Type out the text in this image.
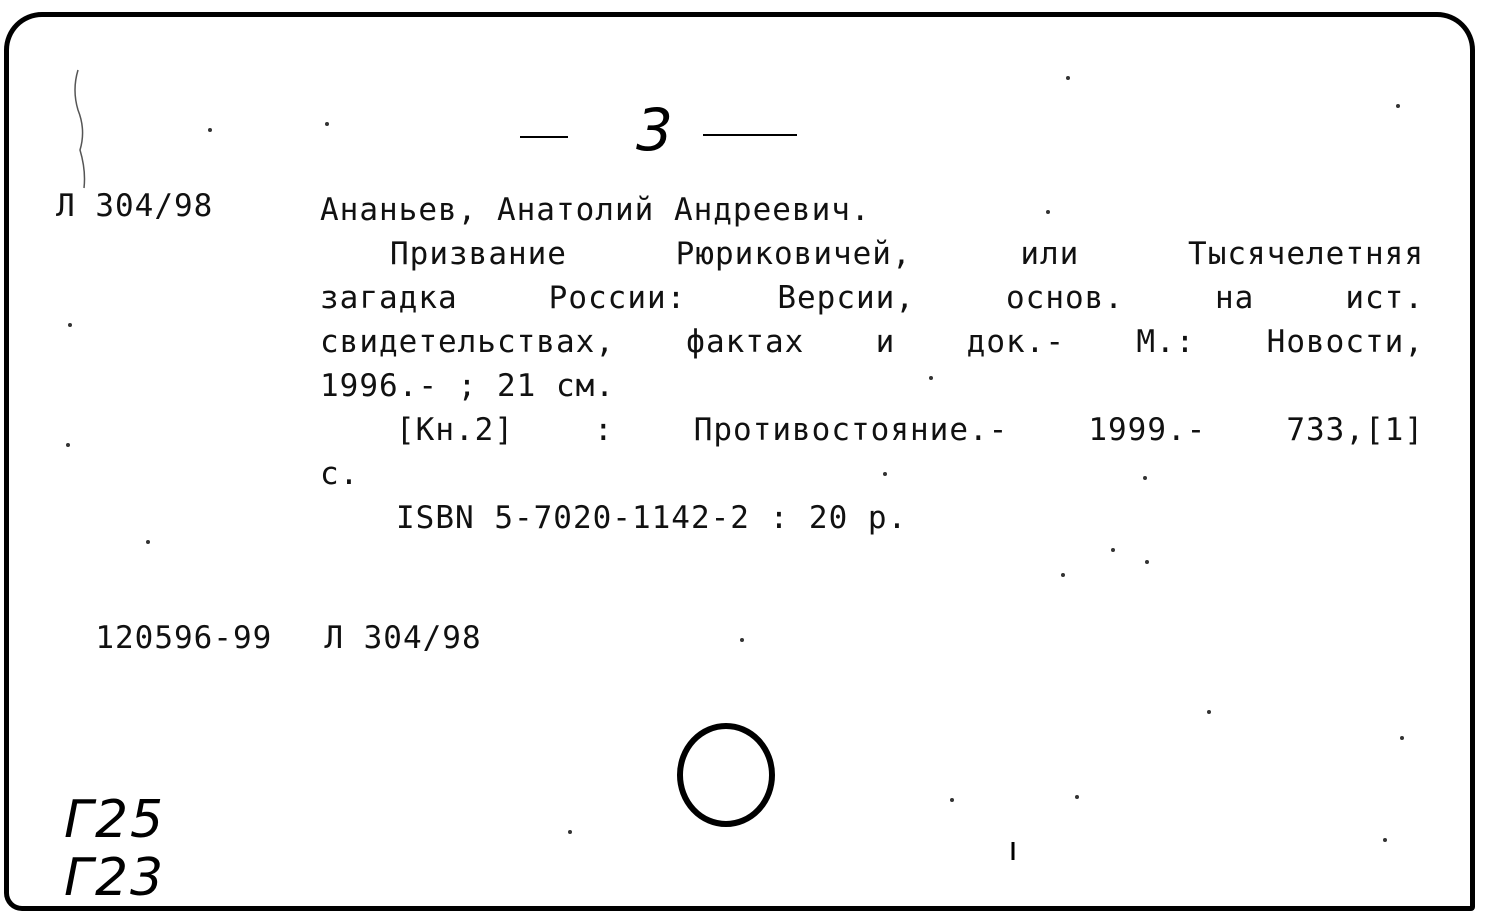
3
Л 304/98	Ананьев, Анатолий Андреевич.
Призвание Рюриковичей, или Тысячелетняя
загадка России: Версии, основ. на ист.
свидетельствах, фактах и док.- М.: Новости,
1996.- ; 21 см.
[Кн.2] : Противостояние.- 1999.- 733,[1]
с.
ISBN 5-7020-1142-2 : 20 р.

120596-99 Л 304/98

Г25
Г23
